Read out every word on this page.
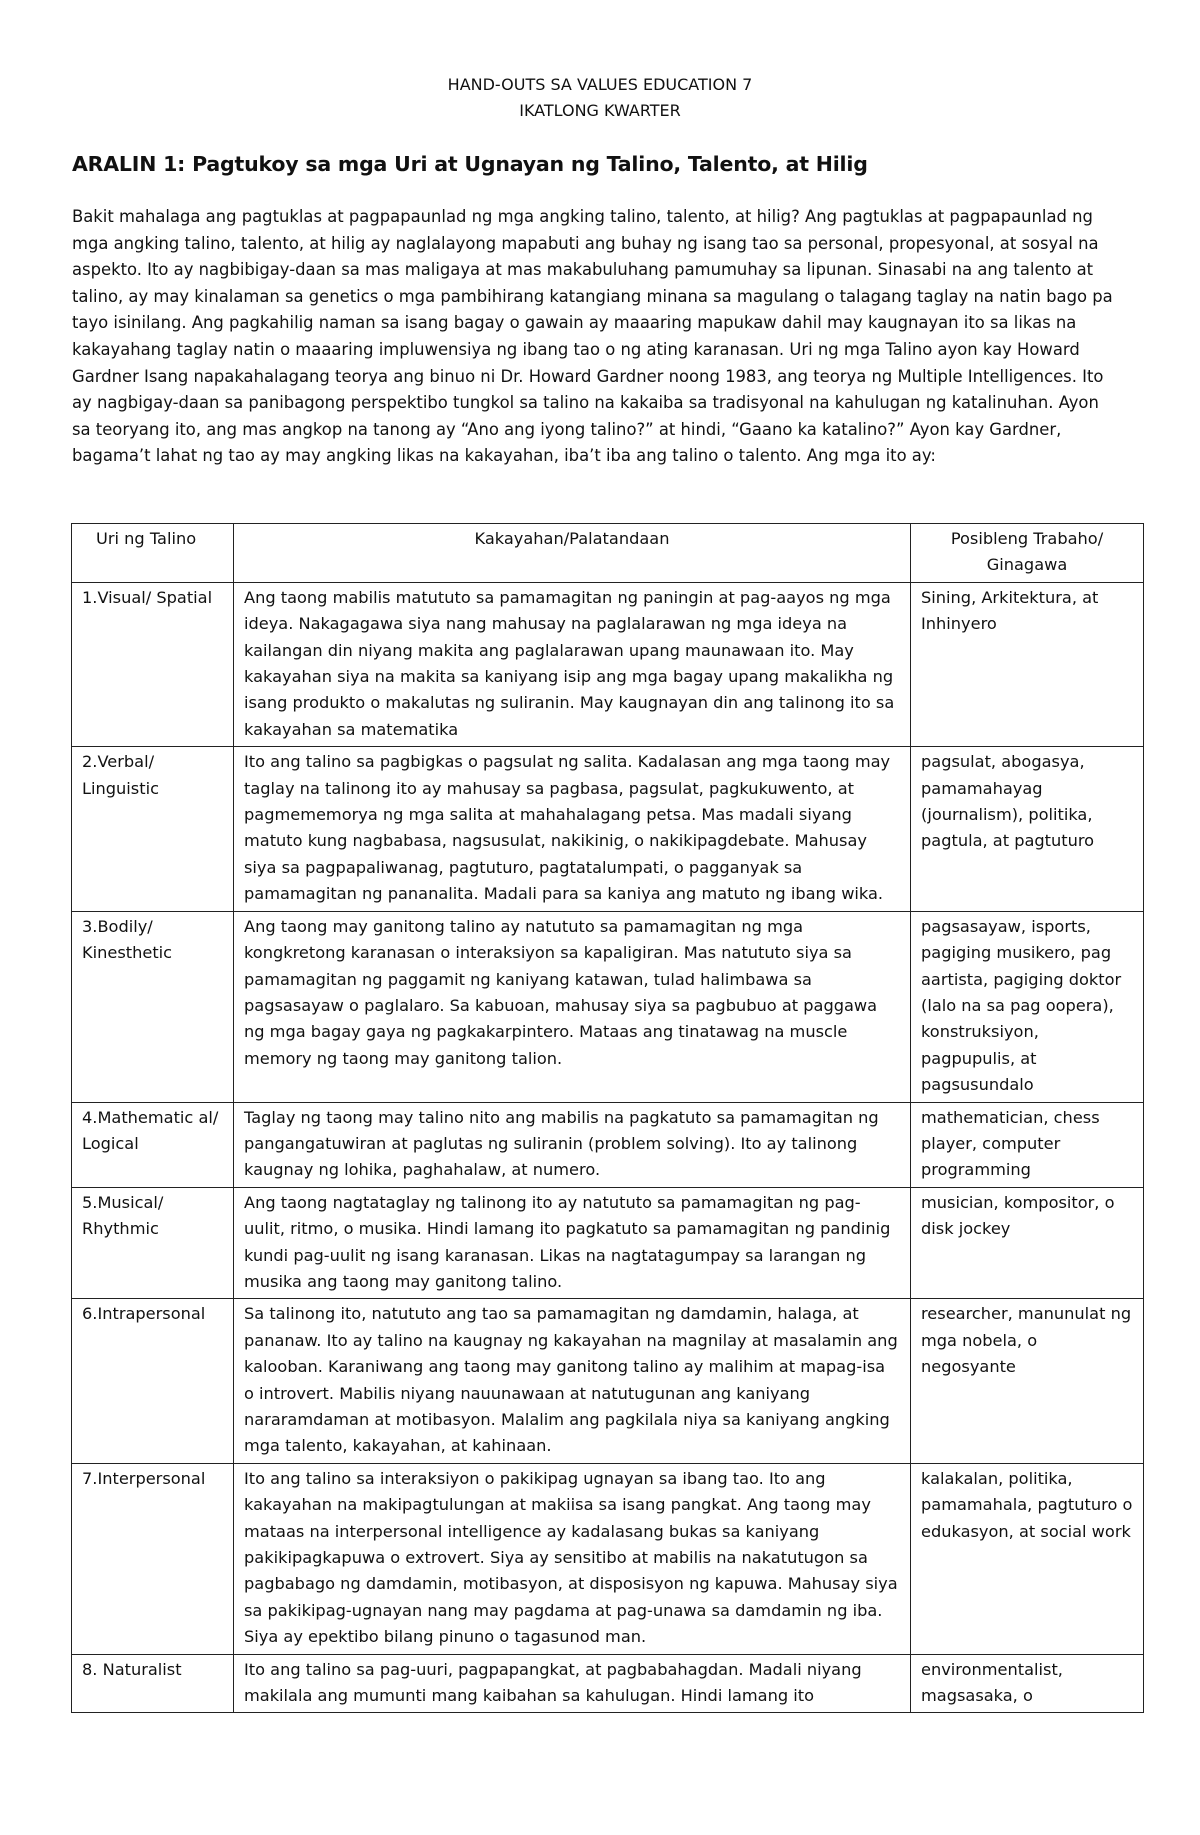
HAND-OUTS SA VALUES EDUCATION 7
IKATLONG KWARTER
ARALIN 1: Pagtukoy sa mga Uri at Ugnayan ng Talino, Talento, at Hilig

Bakit mahalaga ang pagtuklas at pagpapaunlad ng mga angking talino, talento, at hilig? Ang pagtuklas at pagpapaunlad ng mga angking talino, talento, at hilig ay naglalayong mapabuti ang buhay ng isang tao sa personal, propesyonal, at sosyal na aspekto. Ito ay nagbibigay-daan sa mas maligaya at mas makabuluhang pamumuhay sa lipunan. Sinasabi na ang talento at talino, ay may kinalaman sa genetics o mga pambihirang katangiang minana sa magulang o talagang taglay na natin bago pa tayo isinilang. Ang pagkahilig naman sa isang bagay o gawain ay maaaring mapukaw dahil may kaugnayan ito sa likas na kakayahang taglay natin o maaaring impluwensiya ng ibang tao o ng ating karanasan. Uri ng mga Talino ayon kay Howard Gardner Isang napakahalagang teorya ang binuo ni Dr. Howard Gardner noong 1983, ang teorya ng Multiple Intelligences. Ito ay nagbigay-daan sa panibagong perspektibo tungkol sa talino na kakaiba sa tradisyonal na kahulugan ng katalinuhan. Ayon sa teoryang ito, ang mas angkop na tanong ay “Ano ang iyong talino?” at hindi, “Gaano ka katalino?” Ayon kay Gardner, bagama’t lahat ng tao ay may angking likas na kakayahan, iba’t iba ang talino o talento. Ang mga ito ay:

Uri ng Talino	Kakayahan/Palatandaan	Posibleng Trabaho/ Ginagawa
1.Visual/ Spatial	Ang taong mabilis matututo sa pamamagitan ng paningin at pag-aayos ng mga ideya. Nakagagawa siya nang mahusay na paglalarawan ng mga ideya na kailangan din niyang makita ang paglalarawan upang maunawaan ito. May kakayahan siya na makita sa kaniyang isip ang mga bagay upang makalikha ng isang produkto o makalutas ng suliranin. May kaugnayan din ang talinong ito sa kakayahan sa matematika	Sining, Arkitektura, at Inhinyero
2.Verbal/ Linguistic	Ito ang talino sa pagbigkas o pagsulat ng salita. Kadalasan ang mga taong may taglay na talinong ito ay mahusay sa pagbasa, pagsulat, pagkukuwento, at pagmememorya ng mga salita at mahahalagang petsa. Mas madali siyang matuto kung nagbabasa, nagsusulat, nakikinig, o nakikipagdebate. Mahusay siya sa pagpapaliwanag, pagtuturo, pagtatalumpati, o pagganyak sa pamamagitan ng pananalita. Madali para sa kaniya ang matuto ng ibang wika.	pagsulat, abogasya, pamamahayag (journalism), politika, pagtula, at pagtuturo
3.Bodily/ Kinesthetic	Ang taong may ganitong talino ay natututo sa pamamagitan ng mga kongkretong karanasan o interaksiyon sa kapaligiran. Mas natututo siya sa pamamagitan ng paggamit ng kaniyang katawan, tulad halimbawa sa pagsasayaw o paglalaro. Sa kabuoan, mahusay siya sa pagbubuo at paggawa ng mga bagay gaya ng pagkakarpintero. Mataas ang tinatawag na muscle memory ng taong may ganitong talion.	pagsasayaw, isports, pagiging musikero, pag aartista, pagiging doktor (lalo na sa pag oopera), konstruksiyon, pagpupulis, at pagsusundalo
4.Mathematic al/ Logical	Taglay ng taong may talino nito ang mabilis na pagkatuto sa pamamagitan ng pangangatuwiran at paglutas ng suliranin (problem solving). Ito ay talinong kaugnay ng lohika, paghahalaw, at numero.	mathematician, chess player, computer programming
5.Musical/ Rhythmic	Ang taong nagtataglay ng talinong ito ay natututo sa pamamagitan ng pag-uulit, ritmo, o musika. Hindi lamang ito pagkatuto sa pamamagitan ng pandinig kundi pag-uulit ng isang karanasan. Likas na nagtatagumpay sa larangan ng musika ang taong may ganitong talino.	musician, kompositor, o disk jockey
6.Intrapersonal	Sa talinong ito, natututo ang tao sa pamamagitan ng damdamin, halaga, at pananaw. Ito ay talino na kaugnay ng kakayahan na magnilay at masalamin ang kalooban. Karaniwang ang taong may ganitong talino ay malihim at mapag-isa o introvert. Mabilis niyang nauunawaan at natutugunan ang kaniyang nararamdaman at motibasyon. Malalim ang pagkilala niya sa kaniyang angking mga talento, kakayahan, at kahinaan.	researcher, manunulat ng mga nobela, o negosyante
7.Interpersonal	Ito ang talino sa interaksiyon o pakikipag ugnayan sa ibang tao. Ito ang kakayahan na makipagtulungan at makiisa sa isang pangkat. Ang taong may mataas na interpersonal intelligence ay kadalasang bukas sa kaniyang pakikipagkapuwa o extrovert. Siya ay sensitibo at mabilis na nakatutugon sa pagbabago ng damdamin, motibasyon, at disposisyon ng kapuwa. Mahusay siya sa pakikipag-ugnayan nang may pagdama at pag-unawa sa damdamin ng iba. Siya ay epektibo bilang pinuno o tagasunod man.	kalakalan, politika, pamamahala, pagtuturo o edukasyon, at social work
8. Naturalist	Ito ang talino sa pag-uuri, pagpapangkat, at pagbabahagdan. Madali niyang makilala ang mumunti mang kaibahan sa kahulugan. Hindi lamang ito	environmentalist, magsasaka, o
